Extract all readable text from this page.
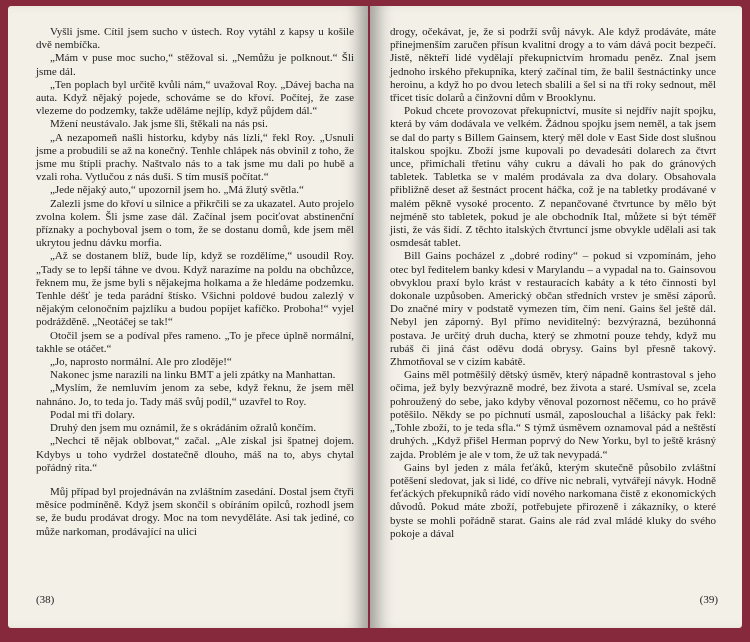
Vyšli jsme. Cítil jsem sucho v ústech. Roy vytáhl z kapsy u košile dvě nembíčka.

„Mám v puse moc sucho,“ stěžoval si. „Nemůžu je polknout.“ Šli jsme dál.

„Ten poplach byl určitě kvůli nám,“ uvažoval Roy. „Dávej bacha na auta. Když nějaký pojede, schováme se do křoví. Počítej, že zase vlezeme do podzemky, takže uděláme nejlíp, když půjdem dál.“

Mžení neustávalo. Jak jsme šli, štěkali na nás psi.

„A nezapomeň našli historku, kdyby nás lízli,“ řekl Roy. „Usnuli jsme a probudili se až na konečný. Tenhle chlápek nás obvinil z toho, že jsme mu štípli prachy. Naštvalo nás to a tak jsme mu dali po hubě a vzali roha. Vytlučou z nás duši. S tím musíš počítat.“

„Jede nějaký auto,“ upozornil jsem ho. „Má žlutý světla.“

Zalezli jsme do křoví u silnice a přikrčili se za ukazatel. Auto projelo zvolna kolem. Šli jsme zase dál. Začínal jsem pociťovat abstinenční příznaky a pochyboval jsem o tom, že se dostanu domů, kde jsem měl ukrytou jednu dávku morfia.

„Až se dostanem blíž, bude líp, když se rozdělíme,“ usoudil Roy. „Tady se to lepší táhne ve dvou. Když narazíme na poldu na obchůzce, řeknem mu, že jsme byli s nějakejma holkama a že hledáme podzemku. Tenhle déšť je teda parádní štísko. Všichni poldové budou zalezlý v nějakým celonočním pajzlíku a budou popíjet kafíčko. Proboha!“ vyjel podrážděně. „Neotáčej se tak!“

Otočil jsem se a podíval přes rameno. „To je přece úplně normální, takhle se otáčet.“

„Jo, naprosto normální. Ale pro zloděje!“

Nakonec jsme narazili na linku BMT a jeli zpátky na Manhattan.

„Myslím, že nemluvím jenom za sebe, když řeknu, že jsem měl nahnáno. Jo, to teda jo. Tady máš svůj podíl,“ uzavřel to Roy.

Podal mi tři dolary.

Druhý den jsem mu oznámil, že s okrádáním ožralů končím.

„Nechci tě nějak oblbovat,“ začal. „Ale získal jsi špatnej dojem. Kdybys u toho vydržel dostatečně dlouho, máš na to, abys chytal pořádný rita.“

Můj případ byl projednáván na zvláštním zasedání. Dostal jsem čtyři měsíce podmíněně. Když jsem skončil s obíráním opilců, rozhodl jsem se, že budu prodávat drogy. Moc na tom nevyděláte. Asi tak jediné, co může narkoman, prodávající na ulici

(38)

drogy, očekávat, je, že si podrží svůj návyk. Ale když prodáváte, máte přinejmenším zaručen přísun kvalitní drogy a to vám dává pocit bezpečí. Jistě, někteří lidé vydělají překupnictvím hromadu peněz. Znal jsem jednoho irského překupníka, který začínal tím, že balil šestnáctinky unce heroinu, a když ho po dvou letech sbalili a šel si na tři roky sednout, měl třicet tisíc dolarů a činžovní dům v Brooklynu.

Pokud chcete provozovat překupnictví, musíte si nejdřív najít spojku, která by vám dodávala ve velkém. Žádnou spojku jsem neměl, a tak jsem se dal do party s Billem Gainsem, který měl dole v East Side dost slušnou italskou spojku. Zboží jsme kupovali po devadesáti dolarech za čtvrt unce, přimíchali třetinu váhy cukru a dávali ho pak do gránových tabletek. Tabletka se v malém prodávala za dva dolary. Obsahovala přibližně deset až šestnáct procent háčka, což je na tabletky prodávané v malém pěkně vysoké procento. Z nepančované čtvrtunce by mělo být nejméně sto tabletek, pokud je ale obchodník Ital, můžete si být téměř jisti, že vás šidí. Z těchto italských čtvrtuncí jsme obvykle udělali asi tak osmdesát tablet.

Bill Gains pocházel z „dobré rodiny“ – pokud si vzpomínám, jeho otec byl ředitelem banky kdesi v Marylandu – a vypadal na to. Gainsovou obvyklou praxí bylo krást v restauracích kabáty a k této činnosti byl dokonale uzpůsoben. Americký občan středních vrstev je směsí záporů. Do značné míry v podstatě vymezen tím, čím není. Gains šel ještě dál. Nebyl jen záporný. Byl přímo neviditelný: bezvýrazná, bezúhonná postava. Je určitý druh ducha, který se zhmotní pouze tehdy, když mu rubáš či jiná část oděvu dodá obrysy. Gains byl přesně takový. Zhmotňoval se v cizím kabátě.

Gains měl potměšilý dětský úsměv, který nápadně kontrastoval s jeho očima, jež byly bezvýrazně modré, bez života a staré. Usmíval se, zcela pohroužený do sebe, jako kdyby věnoval pozornost něčemu, co ho právě potěšilo. Někdy se po píchnutí usmál, zaposlouchal a lišácky pak řekl: „Tohle zboží, to je teda sfla.“ S týmž úsměvem oznamoval pád a neštěstí druhých. „Když přišel Herman poprvý do New Yorku, byl to ještě krásný zajda. Problém je ale v tom, že už tak nevypadá.“

Gains byl jeden z mála feťáků, kterým skutečně působilo zvláštní potěšení sledovat, jak si lidé, co dříve nic nebrali, vytvářejí návyk. Hodně feťáckých překupníků rádo vidí nového narkomana čistě z ekonomických důvodů. Pokud máte zboží, potřebujete přirozeně i zákazníky, o které byste se mohli pořádně starat. Gains ale rád zval mládé kluky do svého pokoje a dával

(39)
